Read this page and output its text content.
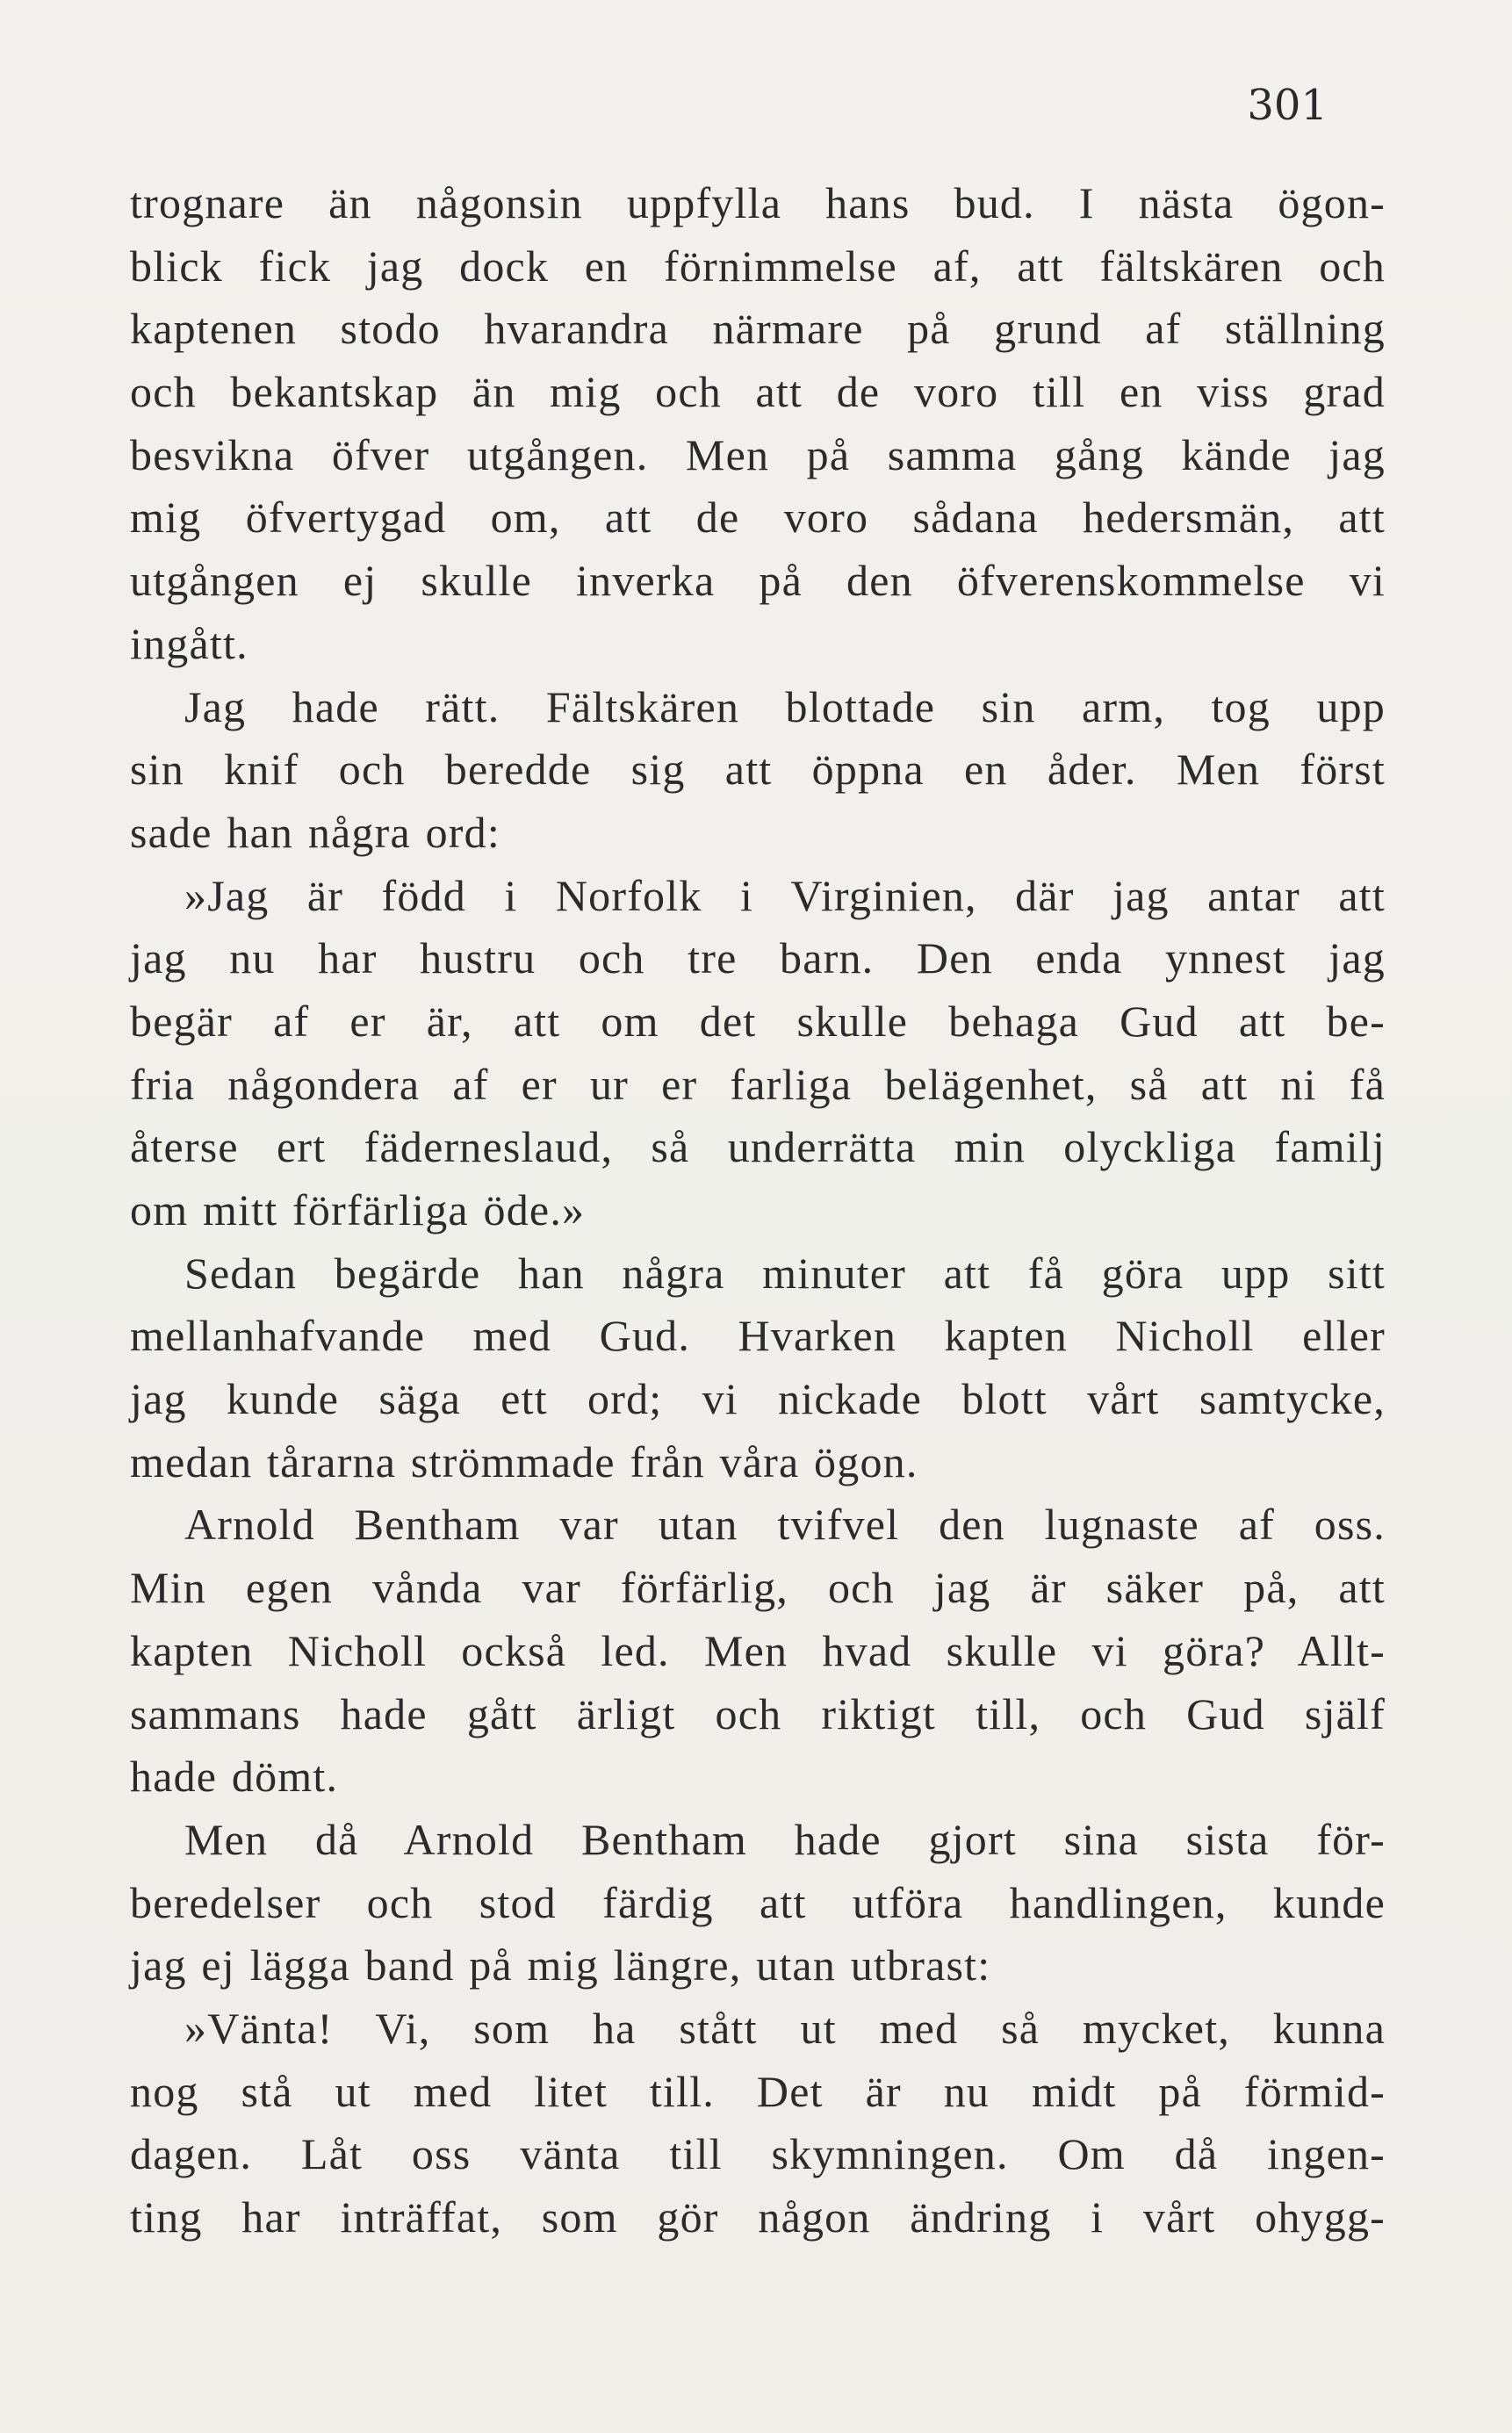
301
trognare än någonsin uppfylla hans bud. I nästa ögon-
blick fick jag dock en förnimmelse af, att fältskären och
kaptenen stodo hvarandra närmare på grund af ställning
och bekantskap än mig och att de voro till en viss grad
besvikna öfver utgången. Men på samma gång kände jag
mig öfvertygad om, att de voro sådana hedersmän, att
utgången ej skulle inverka på den öfverenskommelse vi
ingått.
Jag hade rätt. Fältskären blottade sin arm, tog upp
sin knif och beredde sig att öppna en åder. Men först
sade han några ord:
»Jag är född i Norfolk i Virginien, där jag antar att
jag nu har hustru och tre barn. Den enda ynnest jag
begär af er är, att om det skulle behaga Gud att be-
fria någondera af er ur er farliga belägenhet, så att ni få
återse ert fäderneslaud, så underrätta min olyckliga familj
om mitt förfärliga öde.»
Sedan begärde han några minuter att få göra upp sitt
mellanhafvande med Gud. Hvarken kapten Nicholl eller
jag kunde säga ett ord; vi nickade blott vårt samtycke,
medan tårarna strömmade från våra ögon.
Arnold Bentham var utan tvifvel den lugnaste af oss.
Min egen vånda var förfärlig, och jag är säker på, att
kapten Nicholl också led. Men hvad skulle vi göra? Allt-
sammans hade gått ärligt och riktigt till, och Gud själf
hade dömt.
Men då Arnold Bentham hade gjort sina sista för-
beredelser och stod färdig att utföra handlingen, kunde
jag ej lägga band på mig längre, utan utbrast:
»Vänta! Vi, som ha stått ut med så mycket, kunna
nog stå ut med litet till. Det är nu midt på förmid-
dagen. Låt oss vänta till skymningen. Om då ingen-
ting har inträffat, som gör någon ändring i vårt ohygg-
